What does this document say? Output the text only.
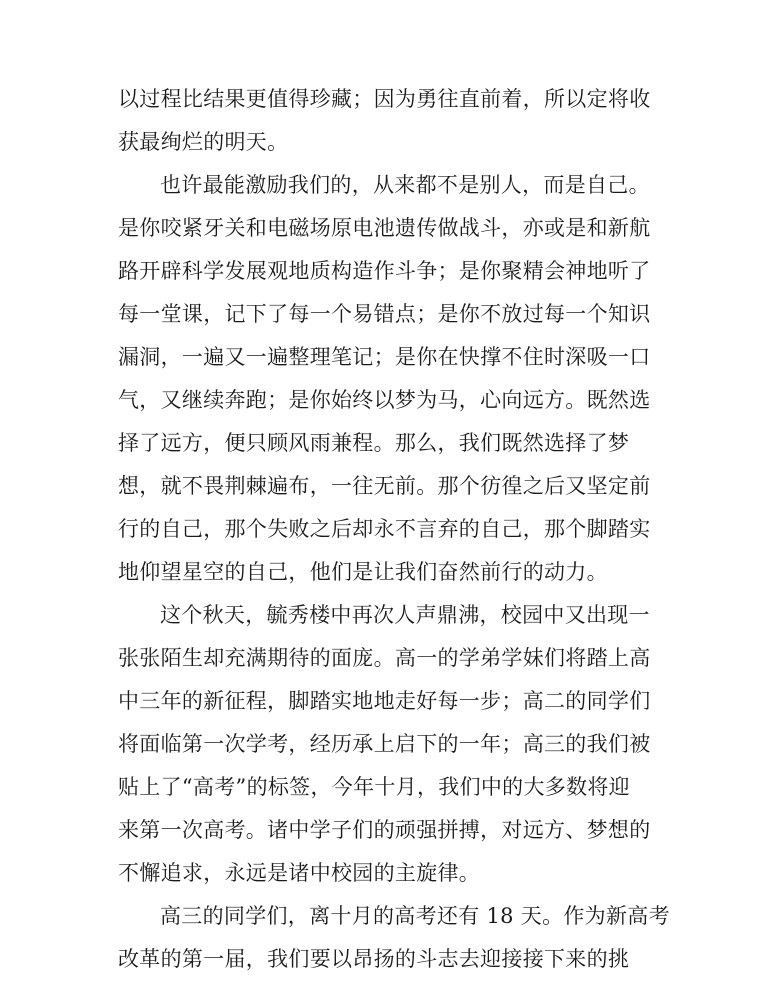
以过程比结果更值得珍藏；因为勇往直前着，所以定将收
获最绚烂的明天。
也许最能激励我们的，从来都不是别人，而是自己。
是你咬紧牙关和电磁场原电池遗传做战斗，亦或是和新航
路开辟科学发展观地质构造作斗争；是你聚精会神地听了
每一堂课，记下了每一个易错点；是你不放过每一个知识
漏洞，一遍又一遍整理笔记；是你在快撑不住时深吸一口
气，又继续奔跑；是你始终以梦为马，心向远方。既然选
择了远方，便只顾风雨兼程。那么，我们既然选择了梦
想，就不畏荆棘遍布，一往无前。那个彷徨之后又坚定前
行的自己，那个失败之后却永不言弃的自己，那个脚踏实
地仰望星空的自己，他们是让我们奋然前行的动力。
这个秋天，毓秀楼中再次人声鼎沸，校园中又出现一
张张陌生却充满期待的面庞。高一的学弟学妹们将踏上高
中三年的新征程，脚踏实地地走好每一步；高二的同学们
将面临第一次学考，经历承上启下的一年；高三的我们被
贴上了“高考”的标签，今年十月，我们中的大多数将迎
来第一次高考。诸中学子们的顽强拼搏，对远方、梦想的
不懈追求，永远是诸中校园的主旋律。
高三的同学们，离十月的高考还有 18 天。作为新高考
改革的第一届，我们要以昂扬的斗志去迎接接下来的挑
